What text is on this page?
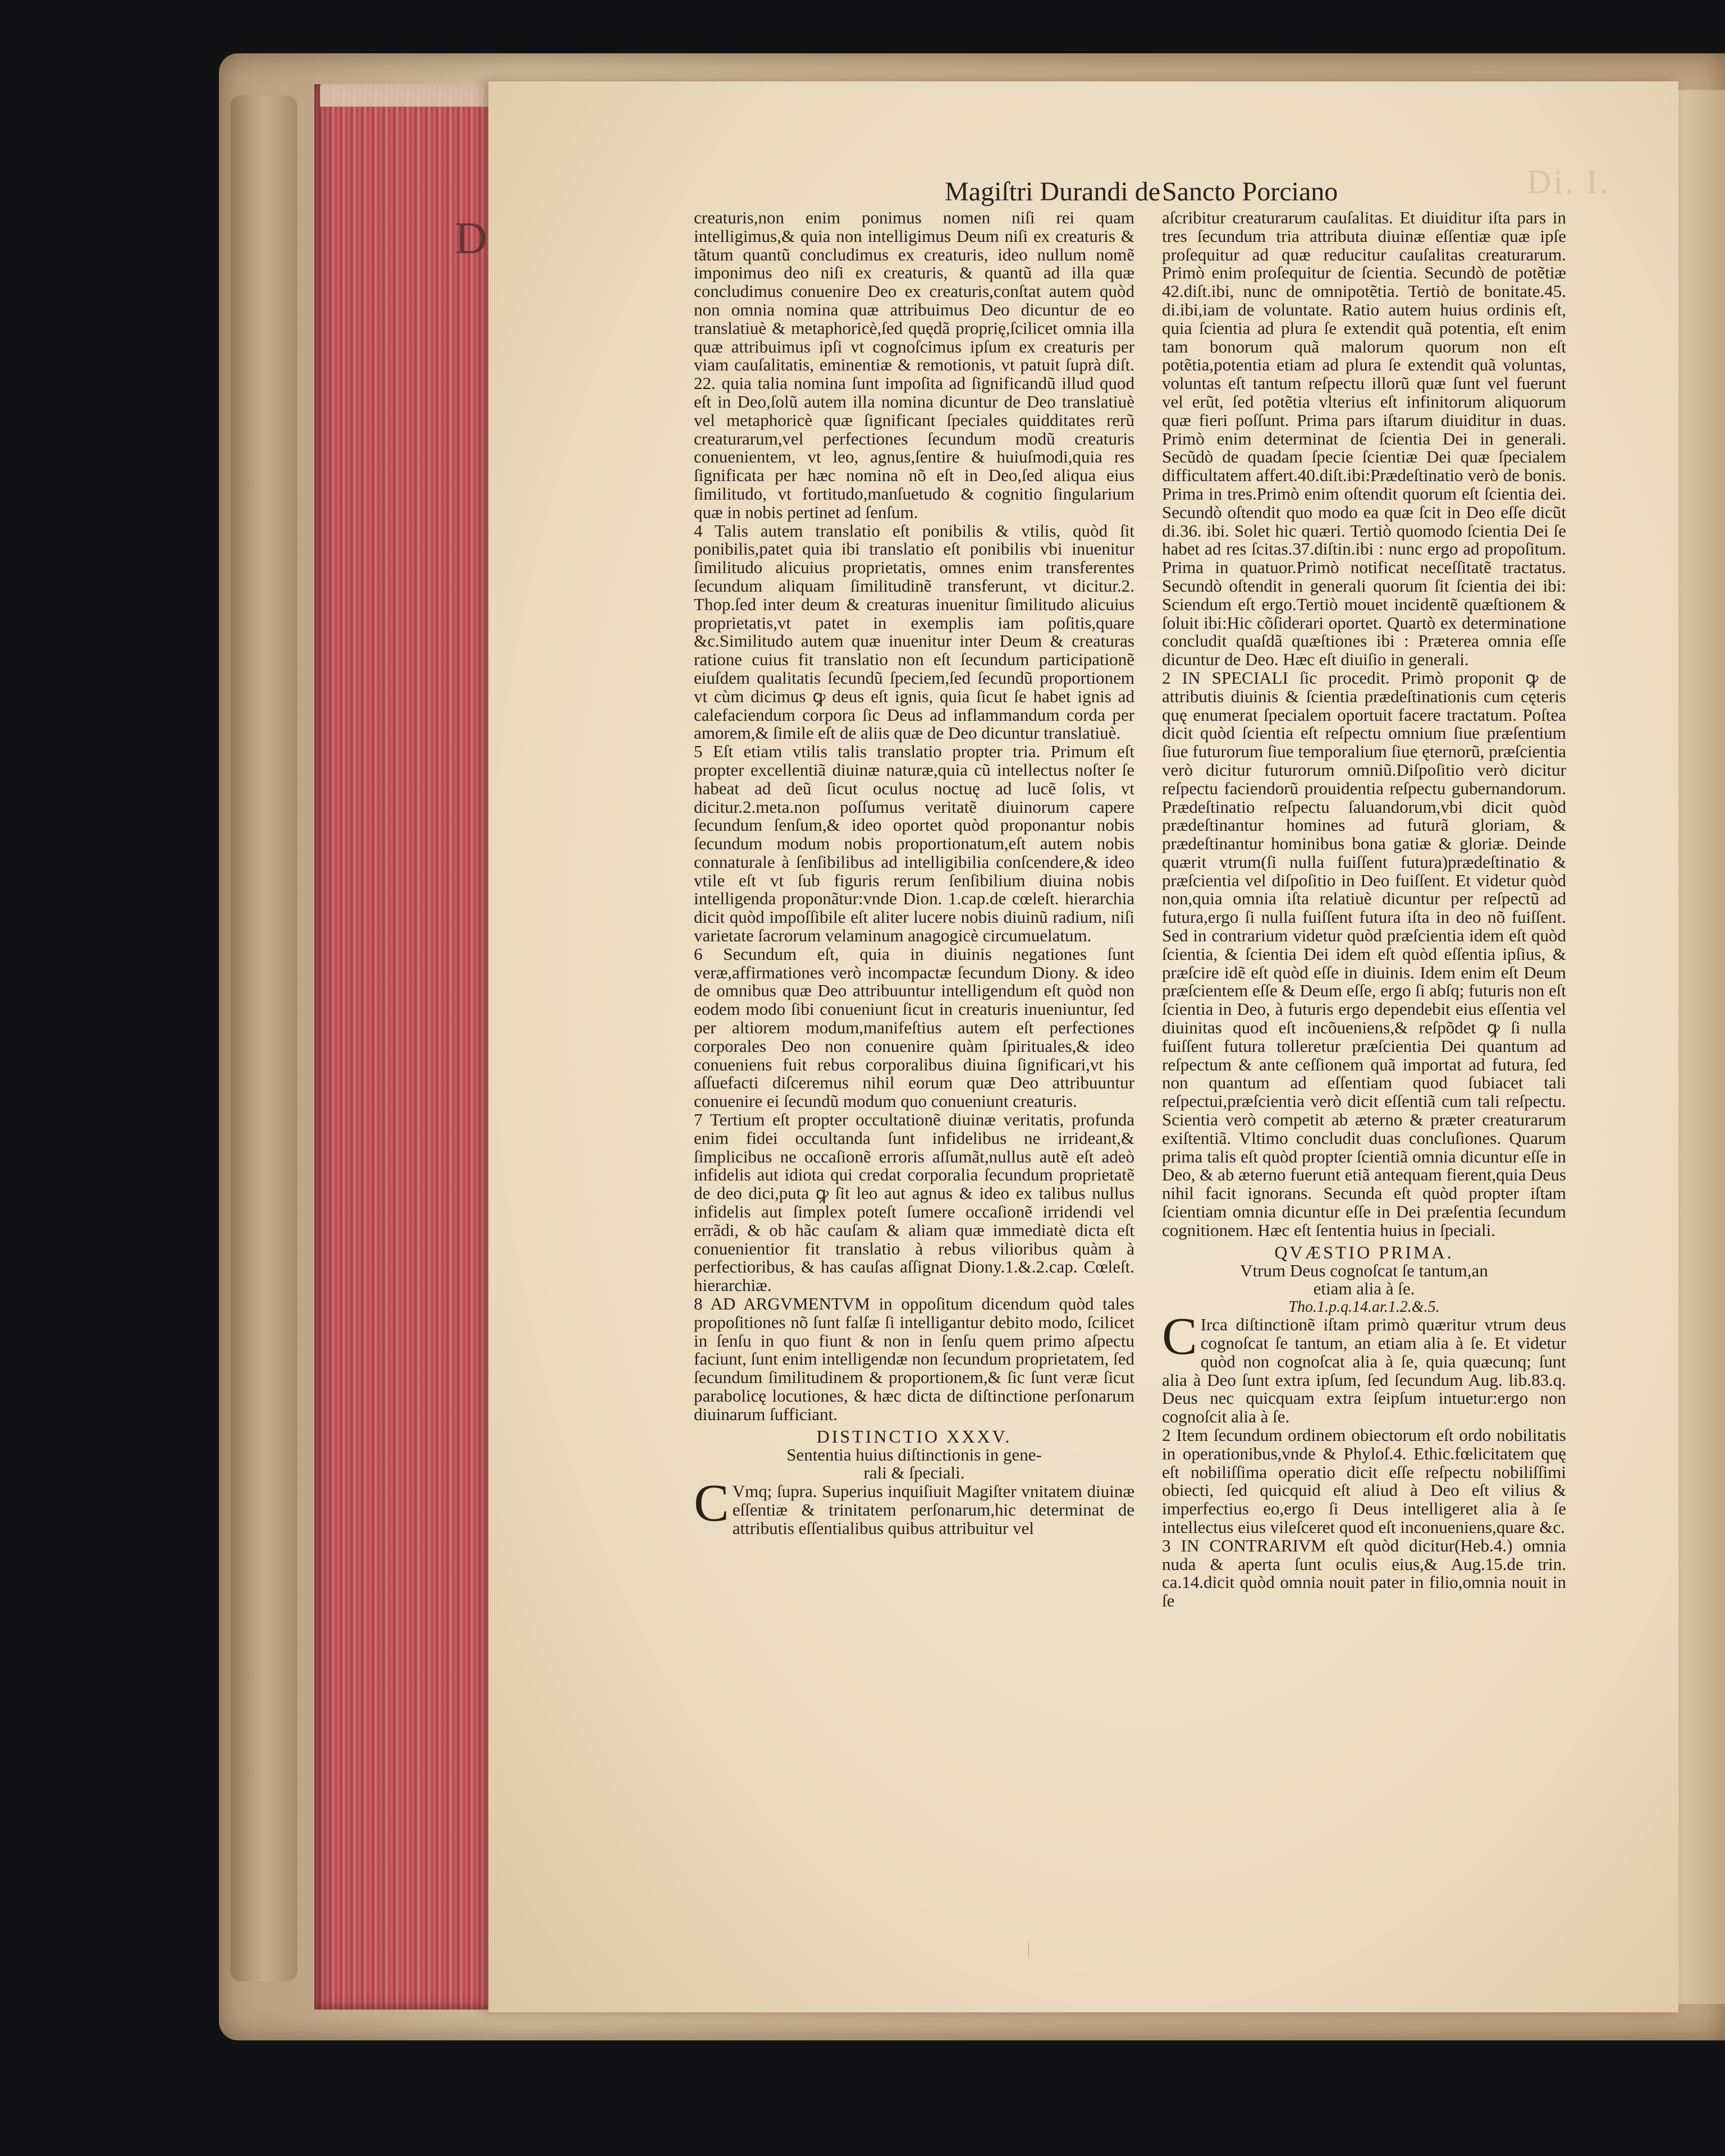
Di. I.
D
Magiſtri Durandi de Sancto Porciano

creaturis,non enim ponimus nomen niſi rei quam intelligimus,& quia non intelligimus Deum niſi ex creaturis & tãtum quantũ concludimus ex creaturis, ideo nullum nomẽ imponimus deo niſi ex creaturis, & quantũ ad illa quæ concludimus conuenire Deo ex creaturis,conſtat autem quòd non omnia nomina quæ attribuimus Deo dicuntur de eo translatiuè & metaphoricè,ſed quędã proprię,ſcilicet omnia illa quæ attribuimus ipſi vt cognoſcimus ipſum ex creaturis per viam cauſalitatis, eminentiæ & remotionis, vt patuit ſuprà diſt. 22. quia talia nomina ſunt impoſita ad ſignificandũ illud quod eſt in Deo,ſolũ autem illa nomina dicuntur de Deo translatiuè vel metaphoricè quæ ſignificant ſpeciales quidditates rerũ creaturarum,vel perfectiones ſecundum modũ creaturis conuenientem, vt leo, agnus,ſentire & huiuſmodi,quia res ſignificata per hæc nomina nõ eſt in Deo,ſed aliqua eius ſimilitudo, vt fortitudo,manſuetudo & cognitio ſingularium quæ in nobis pertinet ad ſenſum.

4 Talis autem translatio eſt ponibilis & vtilis, quòd ſit ponibilis,patet quia ibi translatio eſt ponibilis vbi inuenitur ſimilitudo alicuius proprietatis, omnes enim transferentes ſecundum aliquam ſimilitudinẽ transferunt, vt dicitur.2. Thop.ſed inter deum & creaturas inuenitur ſimilitudo alicuius proprietatis,vt patet in exemplis iam poſitis,quare &c.Similitudo autem quæ inuenitur inter Deum & creaturas ratione cuius fit translatio non eſt ſecundum participationẽ eiuſdem qualitatis ſecundũ ſpeciem,ſed ſecundũ proportionem vt cùm dicimus ꝙ deus eſt ignis, quia ſicut ſe habet ignis ad calefaciendum corpora ſic Deus ad inflammandum corda per amorem,& ſimile eſt de aliis quæ de Deo dicuntur translatiuè.

5 Eſt etiam vtilis talis translatio propter tria. Primum eſt propter excellentiã diuinæ naturæ,quia cũ intellectus noſter ſe habeat ad deũ ſicut oculus noctuę ad lucẽ ſolis, vt dicitur.2.meta.non poſſumus veritatẽ diuinorum capere ſecundum ſenſum,& ideo oportet quòd proponantur nobis ſecundum modum nobis proportionatum,eſt autem nobis connaturale à ſenſibilibus ad intelligibilia conſcendere,& ideo vtile eſt vt ſub figuris rerum ſenſibilium diuina nobis intelligenda proponãtur:vnde Dion. 1.cap.de cœleſt. hierarchia dicit quòd impoſſibile eſt aliter lucere nobis diuinũ radium, niſi varietate ſacrorum velaminum anagogicè circumuelatum.

6 Secundum eſt, quia in diuinis negationes ſunt veræ,affirmationes verò incompactæ ſecundum Diony. & ideo de omnibus quæ Deo attribuuntur intelligendum eſt quòd non eodem modo ſibi conueniunt ſicut in creaturis inueniuntur, ſed per altiorem modum,manifeſtius autem eſt perfectiones corporales Deo non conuenire quàm ſpirituales,& ideo conueniens fuit rebus corporalibus diuina ſignificari,vt his aſſuefacti diſceremus nihil eorum quæ Deo attribuuntur conuenire ei ſecundũ modum quo conueniunt creaturis.

7 Tertium eſt propter occultationẽ diuinæ veritatis, profunda enim fidei occultanda ſunt infidelibus ne irrideant,& ſimplicibus ne occaſionẽ erroris aſſumãt,nullus autẽ eſt adeò infidelis aut idiota qui credat corporalia ſecundum proprietatẽ de deo dici,puta ꝙ ſit leo aut agnus & ideo ex talibus nullus infidelis aut ſimplex poteſt ſumere occaſionẽ irridendi vel errãdi, & ob hãc cauſam & aliam quæ immediatè dicta eſt conuenientior fit translatio à rebus vilioribus quàm à perfectioribus, & has cauſas aſſignat Diony.1.&.2.cap. Cœleſt. hierarchiæ.

8 AD ARGVMENTVM in oppoſitum dicendum quòd tales propoſitiones nõ ſunt falſæ ſi intelligantur debito modo, ſcilicet in ſenſu in quo fiunt & non in ſenſu quem primo aſpectu faciunt, ſunt enim intelligendæ non ſecundum proprietatem, ſed ſecundum ſimilitudinem & proportionem,& ſic ſunt veræ ſicut parabolicę locutiones, & hæc dicta de diſtinctione perſonarum diuinarum ſufficiant.

DISTINCTIO XXXV.

Sententia huius diſtinctionis in gene-

rali & ſpeciali.

C Vmq; ſupra. Superius inquiſiuit Magiſter vnitatem diuinæ eſſentiæ & trinitatem perſonarum,hic determinat de attributis eſſentialibus quibus attribuitur vel

aſcribitur creaturarum cauſalitas. Et diuiditur iſta pars in tres ſecundum tria attributa diuinæ eſſentiæ quæ ipſe proſequitur ad quæ reducitur cauſalitas creaturarum. Primò enim proſequitur de ſcientia. Secundò de potẽtiæ 42.diſt.ibi, nunc de omnipotẽtia. Tertiò de bonitate.45. di.ibi,iam de voluntate. Ratio autem huius ordinis eſt, quia ſcientia ad plura ſe extendit quã potentia, eſt enim tam bonorum quã malorum quorum non eſt potẽtia,potentia etiam ad plura ſe extendit quã voluntas, voluntas eſt tantum reſpectu illorũ quæ ſunt vel fuerunt vel erũt, ſed potẽtia vlterius eſt infinitorum aliquorum quæ fieri poſſunt. Prima pars iſtarum diuiditur in duas. Primò enim determinat de ſcientia Dei in generali. Secũdò de quadam ſpecie ſcientiæ Dei quæ ſpecialem difficultatem affert.40.diſt.ibi:Prædeſtinatio verò de bonis. Prima in tres.Primò enim oſtendit quorum eſt ſcientia dei. Secundò oſtendit quo modo ea quæ ſcit in Deo eſſe dicũt di.36. ibi. Solet hic quæri. Tertiò quomodo ſcientia Dei ſe habet ad res ſcitas.37.diſtin.ibi : nunc ergo ad propoſitum. Prima in quatuor.Primò notificat neceſſitatẽ tractatus. Secundò oſtendit in generali quorum ſit ſcientia dei ibi: Sciendum eſt ergo.Tertiò mouet incidentẽ quæſtionem & ſoluit ibi:Hic cõſiderari oportet. Quartò ex determinatione concludit quaſdã quæſtiones ibi : Præterea omnia eſſe dicuntur de Deo. Hæc eſt diuiſio in generali.

2 IN SPECIALI ſic procedit. Primò proponit ꝙ de attributis diuinis & ſcientia prædeſtinationis cum cęteris quę enumerat ſpecialem oportuit facere tractatum. Poſtea dicit quòd ſcientia eſt reſpectu omnium ſiue præſentium ſiue futurorum ſiue temporalium ſiue ęternorũ, præſcientia verò dicitur futurorum omniũ.Diſpoſitio verò dicitur reſpectu faciendorũ prouidentia reſpectu gubernandorum. Prædeſtinatio reſpectu ſaluandorum,vbi dicit quòd prædeſtinantur homines ad futurã gloriam, & prædeſtinantur hominibus bona gatiæ & gloriæ. Deinde quærit vtrum(ſi nulla fuiſſent futura)prædeſtinatio & præſcientia vel diſpoſitio in Deo fuiſſent. Et videtur quòd non,quia omnia iſta relatiuè dicuntur per reſpectũ ad futura,ergo ſi nulla fuiſſent futura iſta in deo nõ fuiſſent. Sed in contrarium videtur quòd præſcientia idem eſt quòd ſcientia, & ſcientia Dei idem eſt quòd eſſentia ipſius, & præſcire idẽ eſt quòd eſſe in diuinis. Idem enim eſt Deum præſcientem eſſe & Deum eſſe, ergo ſi abſq; futuris non eſt ſcientia in Deo, à futuris ergo dependebit eius eſſentia vel diuinitas quod eſt incõueniens,& reſpõdet ꝙ ſi nulla fuiſſent futura tolleretur præſcientia Dei quantum ad reſpectum & ante ceſſionem quã importat ad futura, ſed non quantum ad eſſentiam quod ſubiacet tali reſpectui,præſcientia verò dicit eſſentiã cum tali reſpectu. Scientia verò competit ab æterno & præter creaturarum exiſtentiã. Vltimo concludit duas concluſiones. Quarum prima talis eſt quòd propter ſcientiã omnia dicuntur eſſe in Deo, & ab æterno fuerunt etiã antequam fierent,quia Deus nihil facit ignorans. Secunda eſt quòd propter iſtam ſcientiam omnia dicuntur eſſe in Dei præſentia ſecundum cognitionem. Hæc eſt ſententia huius in ſpeciali.

QVÆSTIO PRIMA.

Vtrum Deus cognoſcat ſe tantum,an

etiam alia à ſe.

Tho.1.p.q.14.ar.1.2.&.5.

C Irca diſtinctionẽ iſtam primò quæritur vtrum deus cognoſcat ſe tantum, an etiam alia à ſe. Et videtur quòd non cognoſcat alia à ſe, quia quæcunq; ſunt alia à Deo ſunt extra ipſum, ſed ſecundum Aug. lib.83.q. Deus nec quicquam extra ſeipſum intuetur:ergo non cognoſcit alia à ſe.

2 Item ſecundum ordinem obiectorum eſt ordo nobilitatis in operationibus,vnde & Phyloſ.4. Ethic.fœlicitatem quę eſt nobiliſſima operatio dicit eſſe reſpectu nobiliſſimi obiecti, ſed quicquid eſt aliud à Deo eſt vilius & imperfectius eo,ergo ſi Deus intelligeret alia à ſe intellectus eius vileſceret quod eſt inconueniens,quare &c.

3 IN CONTRARIVM eſt quòd dicitur(Heb.4.) omnia nuda & aperta ſunt oculis eius,& Aug.15.de trin. ca.14.dicit quòd omnia nouit pater in filio,omnia nouit in ſe
